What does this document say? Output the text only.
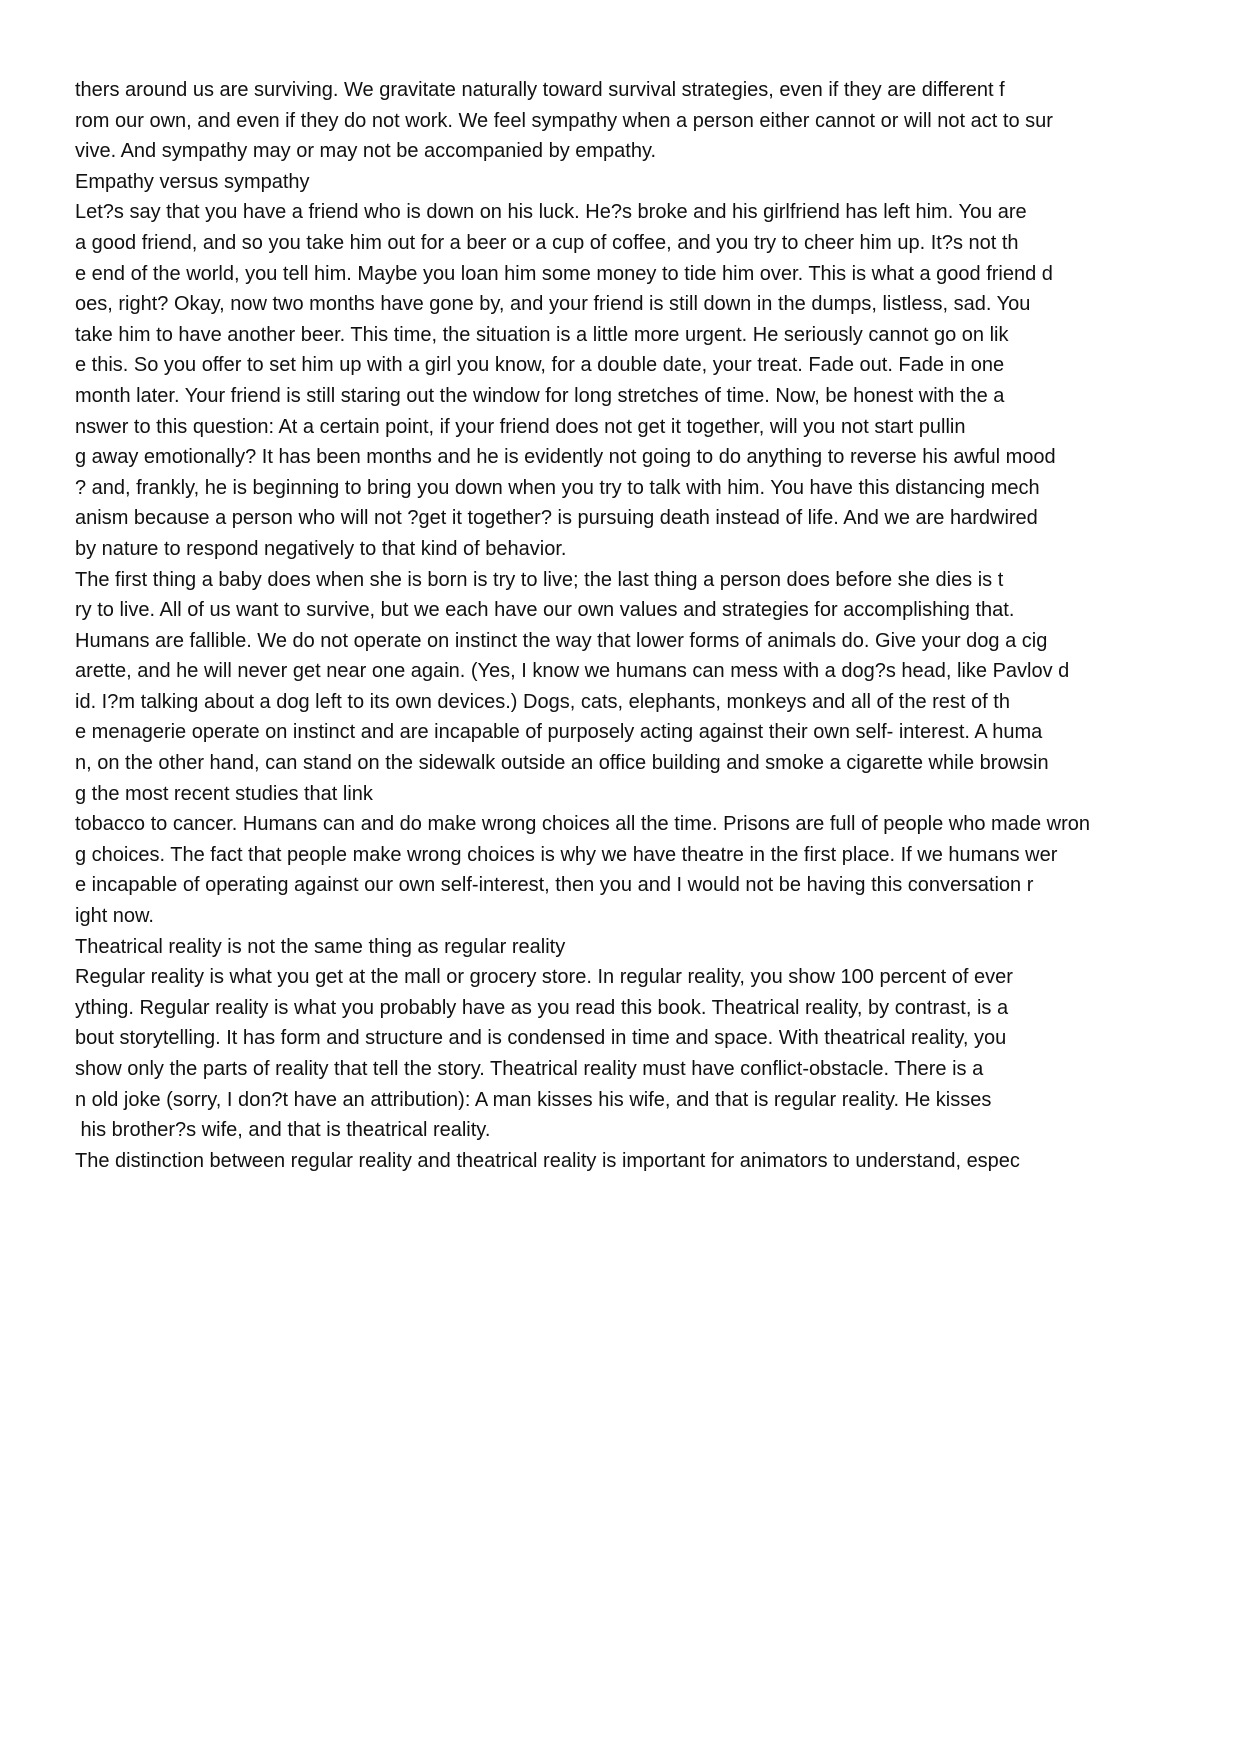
thers around us are surviving. We gravitate naturally toward survival strategies, even if they are different f
rom our own, and even if they do not work. We feel sympathy when a person either cannot or will not act to sur
vive. And sympathy may or may not be accompanied by empathy.
Empathy versus sympathy
Let?s say that you have a friend who is down on his luck. He?s broke and his girlfriend has left him. You are
a good friend, and so you take him out for a beer or a cup of coffee, and you try to cheer him up. It?s not th
e end of the world, you tell him. Maybe you loan him some money to tide him over. This is what a good friend d
oes, right? Okay, now two months have gone by, and your friend is still down in the dumps, listless, sad. You
take him to have another beer. This time, the situation is a little more urgent. He seriously cannot go on lik
e this. So you offer to set him up with a girl you know, for a double date, your treat. Fade out. Fade in one
month later. Your friend is still staring out the window for long stretches of time. Now, be honest with the a
nswer to this question: At a certain point, if your friend does not get it together, will you not start pullin
g away emotionally? It has been months and he is evidently not going to do anything to reverse his awful mood
? and, frankly, he is beginning to bring you down when you try to talk with him. You have this distancing mech
anism because a person who will not ?get it together? is pursuing death instead of life. And we are hardwired
by nature to respond negatively to that kind of behavior.
The first thing a baby does when she is born is try to live; the last thing a person does before she dies is t
ry to live. All of us want to survive, but we each have our own values and strategies for accomplishing that.
Humans are fallible. We do not operate on instinct the way that lower forms of animals do. Give your dog a cig
arette, and he will never get near one again. (Yes, I know we humans can mess with a dog?s head, like Pavlov d
id. I?m talking about a dog left to its own devices.) Dogs, cats, elephants, monkeys and all of the rest of th
e menagerie operate on instinct and are incapable of purposely acting against their own self- interest. A huma
n, on the other hand, can stand on the sidewalk outside an office building and smoke a cigarette while browsin
g the most recent studies that link
tobacco to cancer. Humans can and do make wrong choices all the time. Prisons are full of people who made wron
g choices. The fact that people make wrong choices is why we have theatre in the first place. If we humans wer
e incapable of operating against our own self-interest, then you and I would not be having this conversation r
ight now.
Theatrical reality is not the same thing as regular reality
Regular reality is what you get at the mall or grocery store. In regular reality, you show 100 percent of ever
ything. Regular reality is what you probably have as you read this book. Theatrical reality, by contrast, is a
bout storytelling. It has form and structure and is condensed in time and space. With theatrical reality, you
show only the parts of reality that tell the story. Theatrical reality must have conflict-obstacle. There is a
n old joke (sorry, I don?t have an attribution): A man kisses his wife, and that is regular reality. He kisses
his brother?s wife, and that is theatrical reality.
The distinction between regular reality and theatrical reality is important for animators to understand, espec
